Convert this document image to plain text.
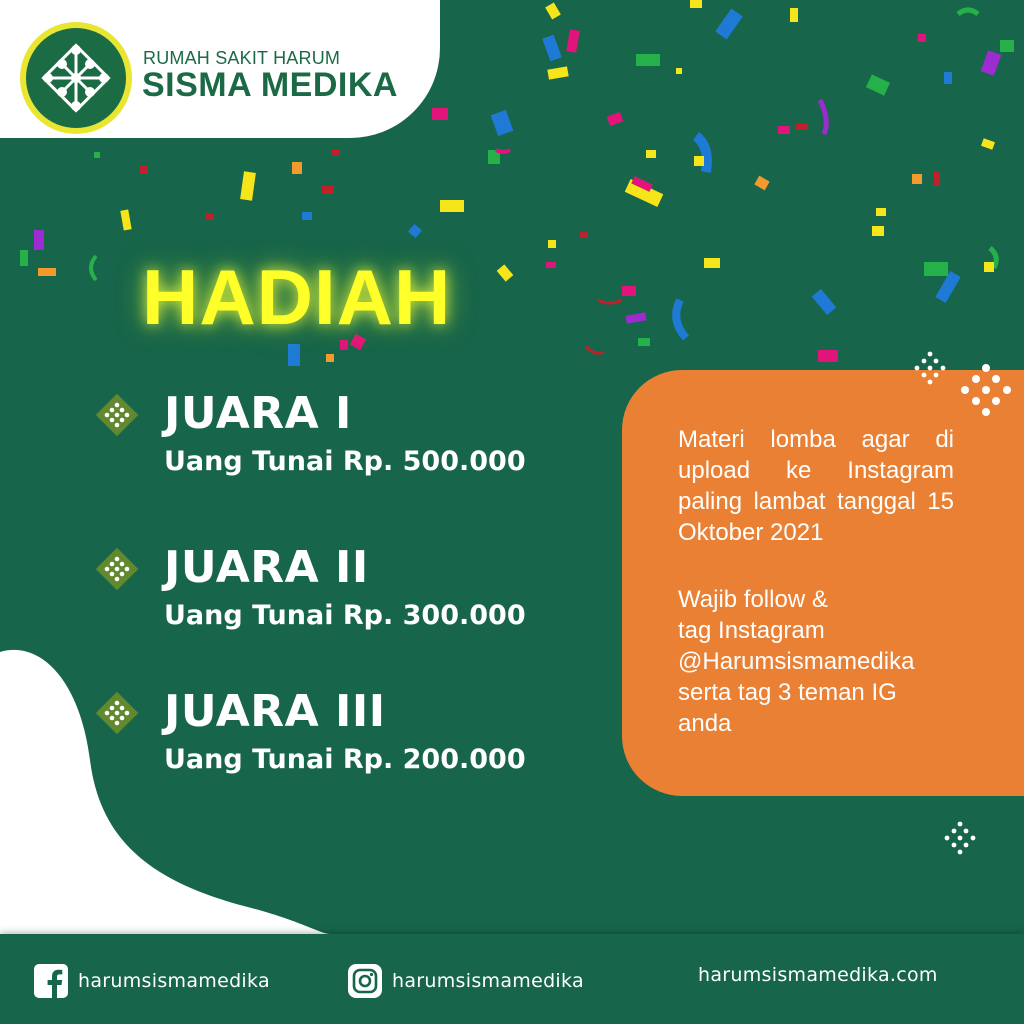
RUMAH SAKIT HARUM
SISMA MEDIKA
HADIAH
JUARA I
Uang Tunai Rp. 500.000
JUARA II
Uang Tunai Rp. 300.000
JUARA III
Uang Tunai Rp. 200.000
Materi lomba agar di upload ke Instagram paling lambat tanggal 15 Oktober 2021
Wajib follow &
tag Instagram
@Harumsismamedika
serta tag 3 teman IG
anda
harumsismamedika	harumsismamedika	harumsismamedika.com
